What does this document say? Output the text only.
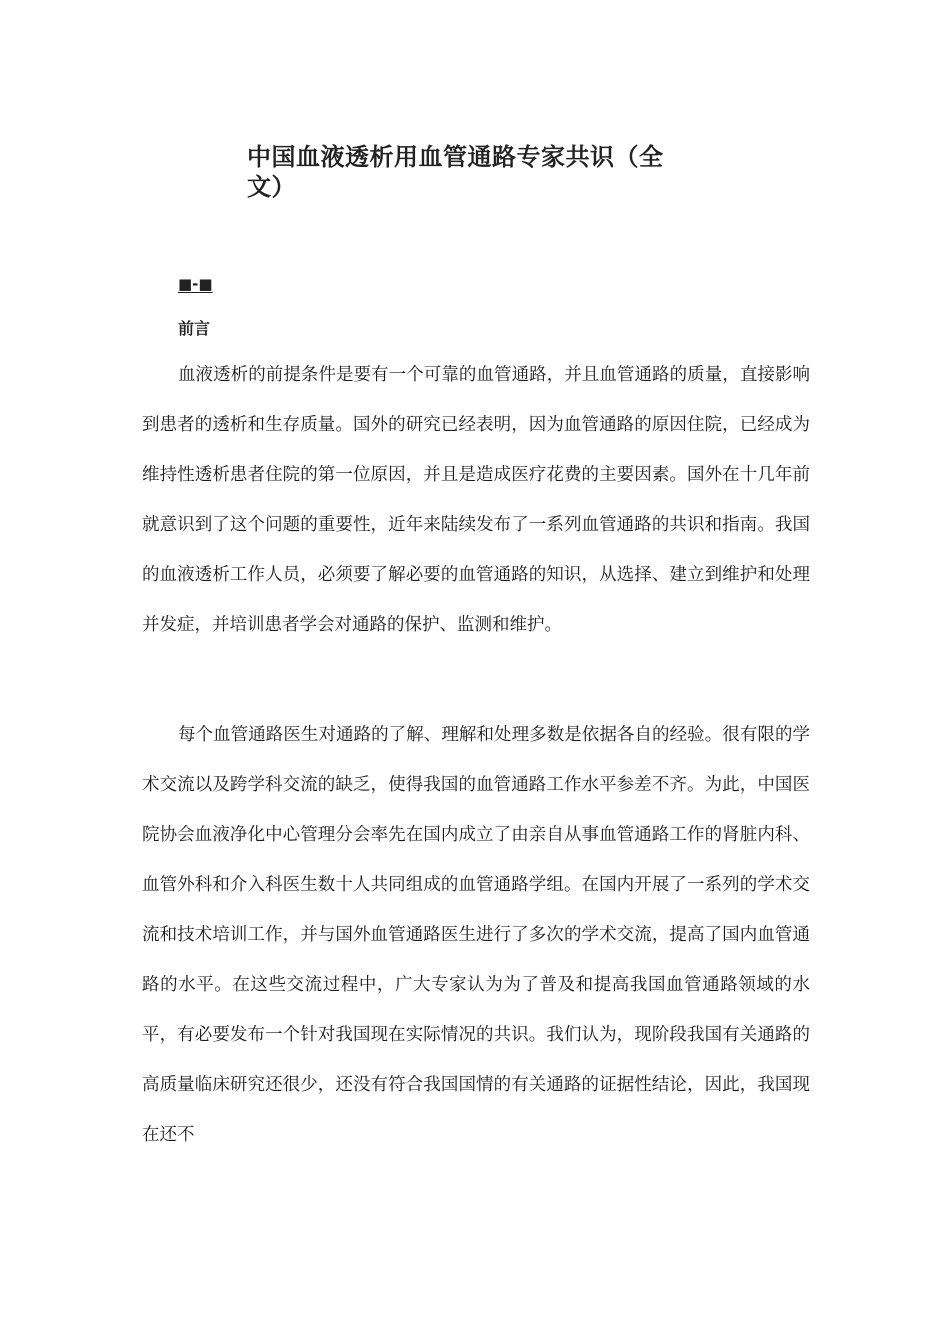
中国血液透析用血管通路专家共识（全文）
■-■
前言

血液透析的前提条件是要有一个可靠的血管通路，并且血管通路的质量，直接影响到患者的透析和生存质量。国外的研究已经表明，因为血管通路的原因住院，已经成为维持性透析患者住院的第一位原因，并且是造成医疗花费的主要因素。国外在十几年前就意识到了这个问题的重要性，近年来陆续发布了一系列血管通路的共识和指南。我国的血液透析工作人员，必须要了解必要的血管通路的知识，从选择、建立到维护和处理并发症，并培训患者学会对通路的保护、监测和维护。

每个血管通路医生对通路的了解、理解和处理多数是依据各自的经验。很有限的学术交流以及跨学科交流的缺乏，使得我国的血管通路工作水平参差不齐。为此，中国医院协会血液净化中心管理分会率先在国内成立了由亲自从事血管通路工作的肾脏内科、血管外科和介入科医生数十人共同组成的血管通路学组。在国内开展了一系列的学术交流和技术培训工作，并与国外血管通路医生进行了多次的学术交流，提高了国内血管通路的水平。在这些交流过程中，广大专家认为为了普及和提高我国血管通路领域的水平，有必要发布一个针对我国现在实际情况的共识。我们认为，现阶段我国有关通路的高质量临床研究还很少，还没有符合我国国情的有关通路的证据性结论，因此，我国现在还不
